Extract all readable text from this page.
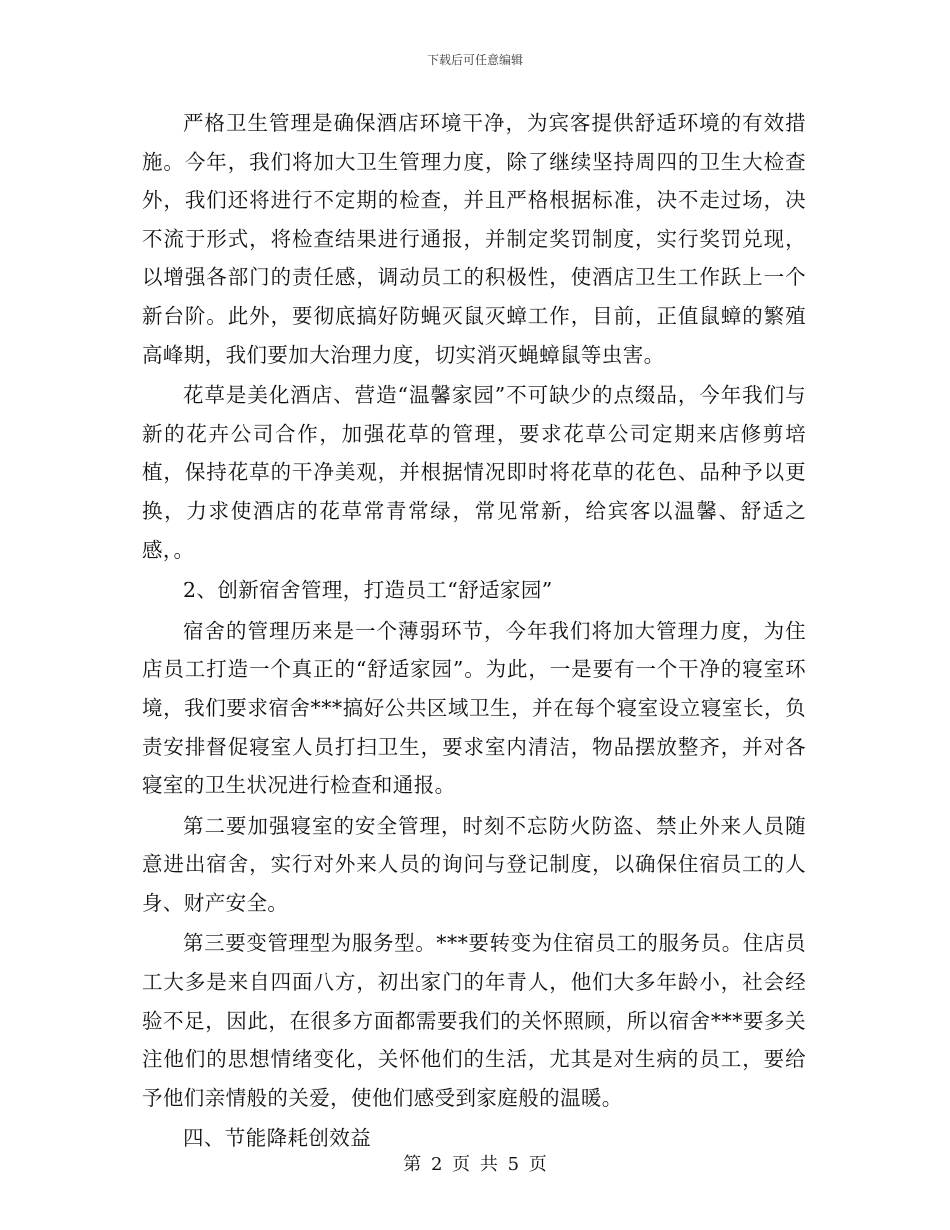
下载后可任意编辑

严格卫生管理是确保酒店环境干净，为宾客提供舒适环境的有效措施。今年，我们将加大卫生管理力度，除了继续坚持周四的卫生大检查外，我们还将进行不定期的检查，并且严格根据标准，决不走过场，决不流于形式，将检查结果进行通报，并制定奖罚制度，实行奖罚兑现，以增强各部门的责任感，调动员工的积极性，使酒店卫生工作跃上一个新台阶。此外，要彻底搞好防蝇灭鼠灭蟑工作，目前，正值鼠蟑的繁殖高峰期，我们要加大治理力度，切实消灭蝇蟑鼠等虫害。

花草是美化酒店、营造“温馨家园”不可缺少的点缀品，今年我们与新的花卉公司合作，加强花草的管理，要求花草公司定期来店修剪培植，保持花草的干净美观，并根据情况即时将花草的花色、品种予以更换，力求使酒店的花草常青常绿，常见常新，给宾客以温馨、舒适之感，。

2、创新宿舍管理，打造员工“舒适家园”

宿舍的管理历来是一个薄弱环节，今年我们将加大管理力度，为住店员工打造一个真正的“舒适家园”。为此，一是要有一个干净的寝室环境，我们要求宿舍***搞好公共区域卫生，并在每个寝室设立寝室长，负责安排督促寝室人员打扫卫生，要求室内清洁，物品摆放整齐，并对各寝室的卫生状况进行检查和通报。

第二要加强寝室的安全管理，时刻不忘防火防盗、禁止外来人员随意进出宿舍，实行对外来人员的询问与登记制度，以确保住宿员工的人身、财产安全。

第三要变管理型为服务型。***要转变为住宿员工的服务员。住店员工大多是来自四面八方，初出家门的年青人，他们大多年龄小，社会经验不足，因此，在很多方面都需要我们的关怀照顾，所以宿舍***要多关注他们的思想情绪变化，关怀他们的生活，尤其是对生病的员工，要给予他们亲情般的关爱，使他们感受到家庭般的温暖。

四、节能降耗创效益

第 2 页 共 5 页
